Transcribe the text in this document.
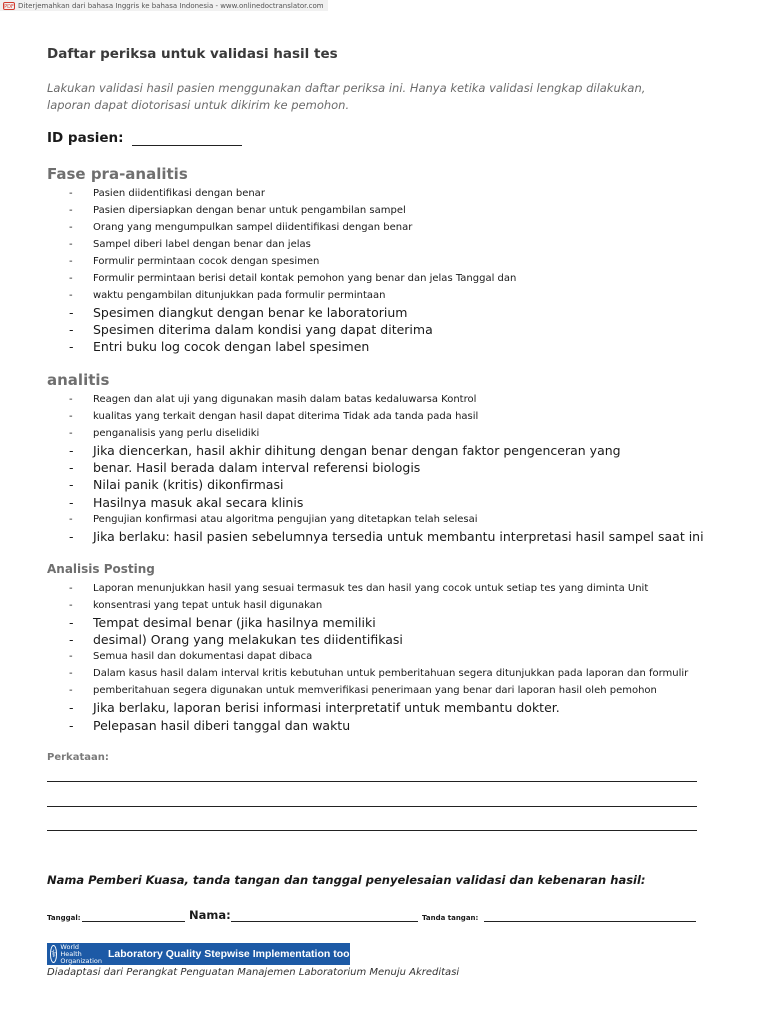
PDF Diterjemahkan dari bahasa Inggris ke bahasa Indonesia - www.onlinedoctranslator.com
Daftar periksa untuk validasi hasil tes
Lakukan validasi hasil pasien menggunakan daftar periksa ini. Hanya ketika validasi lengkap dilakukan, laporan dapat diotorisasi untuk dikirim ke pemohon.
ID pasien:
Fase pra-analitis
- Pasien diidentifikasi dengan benar
- Pasien dipersiapkan dengan benar untuk pengambilan sampel
- Orang yang mengumpulkan sampel diidentifikasi dengan benar
- Sampel diberi label dengan benar dan jelas
- Formulir permintaan cocok dengan spesimen
- Formulir permintaan berisi detail kontak pemohon yang benar dan jelas Tanggal dan
- waktu pengambilan ditunjukkan pada formulir permintaan
- Spesimen diangkut dengan benar ke laboratorium
- Spesimen diterima dalam kondisi yang dapat diterima
- Entri buku log cocok dengan label spesimen
analitis
- Reagen dan alat uji yang digunakan masih dalam batas kedaluwarsa Kontrol
- kualitas yang terkait dengan hasil dapat diterima Tidak ada tanda pada hasil
- penganalisis yang perlu diselidiki
- Jika diencerkan, hasil akhir dihitung dengan benar dengan faktor pengenceran yang
- benar. Hasil berada dalam interval referensi biologis
- Nilai panik (kritis) dikonfirmasi
- Hasilnya masuk akal secara klinis
- Pengujian konfirmasi atau algoritma pengujian yang ditetapkan telah selesai
- Jika berlaku: hasil pasien sebelumnya tersedia untuk membantu interpretasi hasil sampel saat ini
Analisis Posting
- Laporan menunjukkan hasil yang sesuai termasuk tes dan hasil yang cocok untuk setiap tes yang diminta Unit
- konsentrasi yang tepat untuk hasil digunakan
- Tempat desimal benar (jika hasilnya memiliki
- desimal) Orang yang melakukan tes diidentifikasi
- Semua hasil dan dokumentasi dapat dibaca
- Dalam kasus hasil dalam interval kritis kebutuhan untuk pemberitahuan segera ditunjukkan pada laporan dan formulir
- pemberitahuan segera digunakan untuk memverifikasi penerimaan yang benar dari laporan hasil oleh pemohon
- Jika berlaku, laporan berisi informasi interpretatif untuk membantu dokter.
- Pelepasan hasil diberi tanggal dan waktu
Perkataan:
Nama Pemberi Kuasa, tanda tangan dan tanggal penyelesaian validasi dan kebenaran hasil:
Tanggal:	Nama:	Tanda tangan:
⚕
World Health
Organization
Laboratory Quality Stepwise Implementation tool
Diadaptasi dari Perangkat Penguatan Manajemen Laboratorium Menuju Akreditasi
